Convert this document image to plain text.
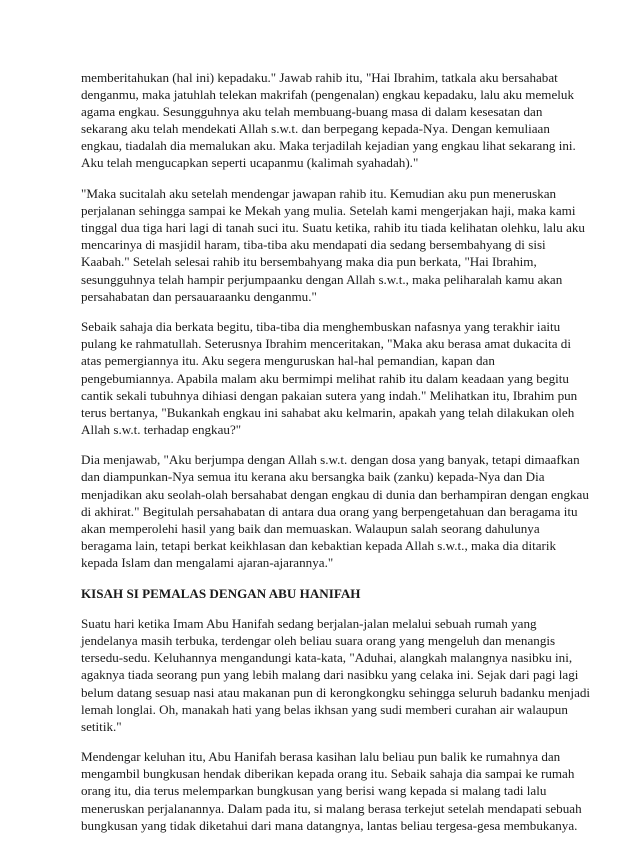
memberitahukan (hal ini) kepadaku." Jawab rahib itu, "Hai Ibrahim, tatkala aku bersahabat
denganmu, maka jatuhlah telekan makrifah (pengenalan) engkau kepadaku, lalu aku memeluk
agama engkau. Sesungguhnya aku telah membuang-buang masa di dalam kesesatan dan
sekarang aku telah mendekati Allah s.w.t. dan berpegang kepada-Nya. Dengan kemuliaan
engkau, tiadalah dia memalukan aku. Maka terjadilah kejadian yang engkau lihat sekarang ini.
Aku telah mengucapkan seperti ucapanmu (kalimah syahadah)."
"Maka sucitalah aku setelah mendengar jawapan rahib itu. Kemudian aku pun meneruskan
perjalanan sehingga sampai ke Mekah yang mulia. Setelah kami mengerjakan haji, maka kami
tinggal dua tiga hari lagi di tanah suci itu. Suatu ketika, rahib itu tiada kelihatan olehku, lalu aku
mencarinya di masjidil haram, tiba-tiba aku mendapati dia sedang bersembahyang di sisi
Kaabah." Setelah selesai rahib itu bersembahyang maka dia pun berkata, "Hai Ibrahim,
sesungguhnya telah hampir perjumpaanku dengan Allah s.w.t., maka peliharalah kamu akan
persahabatan dan persauaraanku denganmu."
Sebaik sahaja dia berkata begitu, tiba-tiba dia menghembuskan nafasnya yang terakhir iaitu
pulang ke rahmatullah. Seterusnya Ibrahim menceritakan, "Maka aku berasa amat dukacita di
atas pemergiannya itu. Aku segera menguruskan hal-hal pemandian, kapan dan
pengebumiannya. Apabila malam aku bermimpi melihat rahib itu dalam keadaan yang begitu
cantik sekali tubuhnya dihiasi dengan pakaian sutera yang indah." Melihatkan itu, Ibrahim pun
terus bertanya, "Bukankah engkau ini sahabat aku kelmarin, apakah yang telah dilakukan oleh
Allah s.w.t. terhadap engkau?"
Dia menjawab, "Aku berjumpa dengan Allah s.w.t. dengan dosa yang banyak, tetapi dimaafkan
dan diampunkan-Nya semua itu kerana aku bersangka baik (zanku) kepada-Nya dan Dia
menjadikan aku seolah-olah bersahabat dengan engkau di dunia dan berhampiran dengan engkau
di akhirat." Begitulah persahabatan di antara dua orang yang berpengetahuan dan beragama itu
akan memperolehi hasil yang baik dan memuaskan. Walaupun salah seorang dahulunya
beragama lain, tetapi berkat keikhlasan dan kebaktian kepada Allah s.w.t., maka dia ditarik
kepada Islam dan mengalami ajaran-ajarannya."
KISAH SI PEMALAS DENGAN ABU HANIFAH
Suatu hari ketika Imam Abu Hanifah sedang berjalan-jalan melalui sebuah rumah yang
jendelanya masih terbuka, terdengar oleh beliau suara orang yang mengeluh dan menangis
tersedu-sedu. Keluhannya mengandungi kata-kata, "Aduhai, alangkah malangnya nasibku ini,
agaknya tiada seorang pun yang lebih malang dari nasibku yang celaka ini. Sejak dari pagi lagi
belum datang sesuap nasi atau makanan pun di kerongkongku sehingga seluruh badanku menjadi
lemah longlai. Oh, manakah hati yang belas ikhsan yang sudi memberi curahan air walaupun
setitik."
Mendengar keluhan itu, Abu Hanifah berasa kasihan lalu beliau pun balik ke rumahnya dan
mengambil bungkusan hendak diberikan kepada orang itu. Sebaik sahaja dia sampai ke rumah
orang itu, dia terus melemparkan bungkusan yang berisi wang kepada si malang tadi lalu
meneruskan perjalanannya. Dalam pada itu, si malang berasa terkejut setelah mendapati sebuah
bungkusan yang tidak diketahui dari mana datangnya, lantas beliau tergesa-gesa membukanya.
